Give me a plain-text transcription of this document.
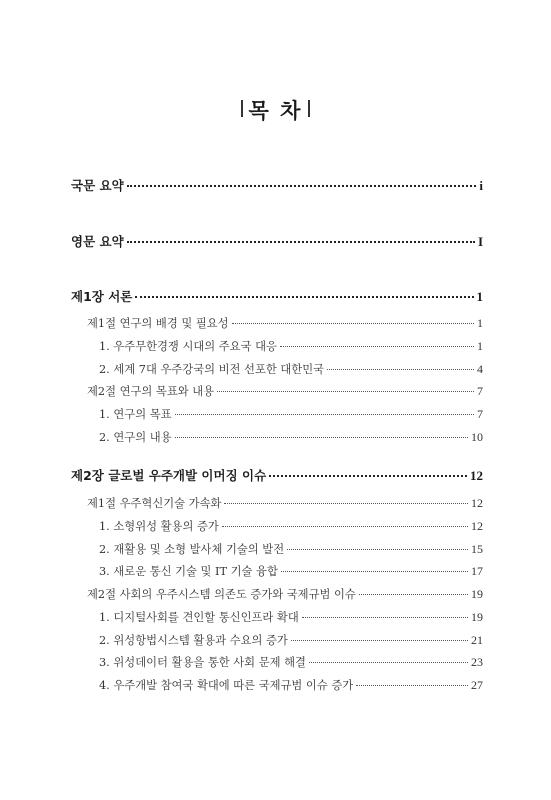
목 차
국문 요약	i
영문 요약	I
제1장 서론	1
제1절 연구의 배경 및 필요성	1
1. 우주무한경쟁 시대의 주요국 대응	1
2. 세계 7대 우주강국의 비전 선포한 대한민국	4
제2절 연구의 목표와 내용	7
1. 연구의 목표	7
2. 연구의 내용	10
제2장 글로벌 우주개발 이머징 이슈	12
제1절 우주혁신기술 가속화	12
1. 소형위성 활용의 증가	12
2. 재활용 및 소형 발사체 기술의 발전	15
3. 새로운 통신 기술 및 IT 기술 융합	17
제2절 사회의 우주시스템 의존도 증가와 국제규범 이슈	19
1. 디지털사회를 견인할 통신인프라 확대	19
2. 위성항법시스템 활용과 수요의 증가	21
3. 위성데이터 활용을 통한 사회 문제 해결	23
4. 우주개발 참여국 확대에 따른 국제규범 이슈 증가	27
